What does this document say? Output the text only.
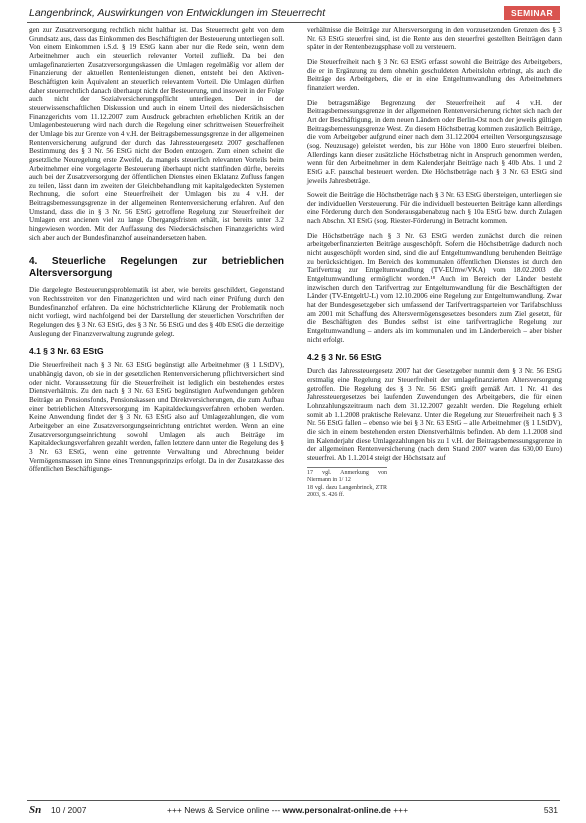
Langenbrinck, Auswirkungen von Entwicklungen im Steuerrecht	SEMINAR

gen zur Zusatzversorgung rechtlich nicht haltbar ist. Das Steuerrecht geht von dem Grundsatz aus, dass das Einkommen des Beschäftigten der Besteuerung unterliegen soll. Von einem Einkommen i.S.d. § 19 EStG kann aber nur die Rede sein, wenn dem Arbeitnehmer auch ein steuerlich relevanter Vorteil zufließt. Da bei den umlagefinanzierten Zusatzversorgungskassen die Umlagen regelmäßig vor allem der Finanzierung der aktuellen Rentenleistungen dienen, entsteht bei den Aktiven-Beschäftigten kein Äquivalent an steuerlich relevantem Vorteil. Die Umlagen dürften daher steuerrechtlich danach überhaupt nicht der Besteuerung, und insoweit in der Folge auch nicht der Sozialversicherungspflicht unterliegen. Der in der steuerwissenschaftlichen Diskussion und auch in einem Urteil des niedersächsischen Finanzgerichts vom 11.12.2007 zum Ausdruck gebrachten erheblichen Kritik an der Umlagenbesteuerung wird nach durch die Regelung einer schrittweisen Steuerfreiheit der Umlage bis zur Grenze von 4 v.H. der Beitragsbemessungsgrenze in der allgemeinen Rentenversicherung aufgrund der durch das Jahressteuergesetz 2007 geschaffenen Bestimmung des § 3 Nr. 56 EStG nicht der Boden entzogen. Zum einen scheint die gesetzliche Neuregelung erste Zweifel, da mangels steuerlich relevanten Vorteils beim Arbeitnehmer eine vorgelagerte Besteuerung überhaupt nicht stattfinden dürfte, bereits auch bei der Zusatzversorgung der öffentlichen Dienstes einen Eklatanz Zufluss fangen zu teilen, lässt dann im zweiten der Gleichbehandlung mit kapitalgedeckten Systemen Rechnung, die sofort eine Steuerfreiheit der Umlagen bis zu 4 v.H. der Beitragsbemessungsgrenze in der allgemeinen Rentenversicherung erfahren. Auf den Umstand, dass die in § 3 Nr. 56 EStG getroffene Regelung zur Steuerfreiheit der Umlagen erst ancienen viel zu lange Übergangsfristen erhält, ist bereits unter 3.2 hingewiesen worden. Mit der Auffassung des Niedersächsischen Finanzgerichts wird sich aber auch der Bundesfinanzhof auseinandersetzen haben.

4. Steuerliche Regelungen zur betrieblichen Altersversorgung

Die dargelegte Besteuerungsproblematik ist aber, wie bereits geschildert, Gegenstand von Rechtsstreiten vor den Finanzgerichten und wird nach einer Prüfung durch den Bundesfinanzhof erfahren. Da eine höchstrichterliche Klärung der Problematik noch nicht vorliegt, wird nachfolgend bei der Darstellung der steuerlichen Vorschriften der Regelungen des § 3 Nr. 63 EStG, des § 3 Nr. 56 EStG und des § 40b EStG die derzeitige Auslegung der Finanzverwaltung zugrunde gelegt.

4.1 § 3 Nr. 63 EStG

Die Steuerfreiheit nach § 3 Nr. 63 EStG begünstigt alle Arbeitnehmer (§ 1 LStDV), unabhängig davon, ob sie in der gesetzlichen Rentenversicherung pflichtversichert sind oder nicht. Voraussetzung für die Steuerfreiheit ist lediglich ein bestehendes erstes Dienstverhältnis. Zu den nach § 3 Nr. 63 EStG begünstigten Aufwendungen gehören Beiträge an Pensionsfonds, Pensionskassen und Direktversicherungen, die zum Aufbau einer betrieblichen Altersversorgung im Kapitaldeckungsverfahren erhoben werden. Keine Anwendung findet der § 3 Nr. 63 EStG also auf Umlagezahlungen, die vom Arbeitgeber an eine Zusatzversorgungseinrichtung entrichtet werden. Wenn an eine Zusatzversorgungseinrichtung sowohl Umlagen als auch Beiträge im Kapitaldeckungsverfahren gezahlt werden, fallen letztere dann unter die Regelung des § 3 Nr. 63 EStG, wenn eine getrennte Verwaltung und Abrechnung beider Vermögensmassen im Sinne eines Trennungsprinzips erfolgt. Da in der Zusatzkasse des öffentlichen Beschäftigungs-

verhältnisse die Beiträge zur Altersversorgung in den vorzusetzenden Grenzen des § 3 Nr. 63 EStG steuerfrei sind, ist die Rente aus den steuerfrei gestellten Beiträgen dann später in der Rentenbezugsphase voll zu versteuern.

Die Steuerfreiheit nach § 3 Nr. 63 EStG erfasst sowohl die Beiträge des Arbeitgebers, die er in Ergänzung zu dem ohnehin geschuldeten Arbeitslohn erbringt, als auch die Beiträge des Arbeitgebers, die er in eine Entgeltumwandlung des Arbeitnehmers finanziert werden.

Die betragsmäßige Begrenzung der Steuerfreiheit auf 4 v.H. der Beitragsbemessungsgrenze in der allgemeinen Rentenversicherung richtet sich nach der Art der Beschäftigung, in dem neuen Ländern oder Berlin-Ost noch der jeweils gültigen Beitragsbemessungsgrenze West. Zu diesem Höchstbetrag kommen zusätzlich Beiträge, die vom Arbeitgeber aufgrund einer nach dem 31.12.2004 erteilten Versorgungszusage (sog. Neuzusage) geleistet werden, bis zur Höhe von 1800 Euro steuerfrei bleiben. Allerdings kann dieser zusätzliche Höchstbetrag nicht in Anspruch genommen werden, wenn für den Arbeitnehmer in dem Kalenderjahr Beiträge nach § 40b Abs. 1 und 2 EStG a.F. pauschal besteuert werden. Die Höchstbeträge nach § 3 Nr. 63 EStG sind jeweils Jahresbeträge.

Soweit die Beiträge die Höchstbeträge nach § 3 Nr. 63 EStG übersteigen, unterliegen sie der individuellen Versteuerung. Für die individuell besteuerten Beiträge kann allerdings eine Förderung durch den Sonderausgabenabzug nach § 10a EStG bzw. durch Zulagen nach Abschn. XI EStG (sog. Riester-Förderung) in Betracht kommen.

Die Höchstbeträge nach § 3 Nr. 63 EStG werden zunächst durch die reinen arbeitgeberfinanzierten Beiträge ausgeschöpft. Sofern die Höchstbeträge dadurch noch nicht ausgeschöpft worden sind, sind die auf Entgeltumwandlung beruhenden Beiträge zu berücksichtigen. Im Bereich des kommunalen öffentlichen Dienstes ist durch den Tarifvertrag zur Entgeltumwandlung (TV-EUmw/VKA) vom 18.02.2003 die Entgeltumwandlung ermöglicht worden.¹⁸ Auch im Bereich der Länder besteht inzwischen durch den Tarifvertrag zur Entgeltumwandlung für die Beschäftigten der Länder (TV-EntgeltU-L) vom 12.10.2006 eine Regelung zur Entgeltumwandlung. Zwar hat der Bundesgesetzgeber sich umfassend der Tarifvertragsparteien vor Tarifabschluss am 2001 mit Schaffung des Altersvermögensgesetzes besonders zum Ziel gesetzt, für die Beschäftigten des Bundes selbst ist eine tarifvertragliche Regelung zur Entgeltumwandlung – anders als im kommunalen und im Länderbereich – aber bisher nicht erfolgt.

4.2 § 3 Nr. 56 EStG

Durch das Jahressteuergesetz 2007 hat der Gesetzgeber nunmit dem § 3 Nr. 56 EStG erstmalig eine Regelung zur Steuerfreiheit der umlagefinanzierten Altersversorgung getroffen. Die Regelung des § 3 Nr. 56 EStG greift gemäß Art. 1 Nr. 41 des Jahressteuergesetzes bei laufenden Zuwendungen des Arbeitgebers, die für einen Lohnzahlungszeitraum nach dem 31.12.2007 gezahlt werden. Die Regelung erhielt somit ab 1.1.2008 praktische Relevanz. Unter die Regelung zur Steuerfreiheit nach § 3 Nr. 56 EStG fallen – ebenso wie bei § 3 Nr. 63 EStG – alle Arbeitnehmer (§ 1 LStDV), die sich in einem bestehenden ersten Dienstverhältnis befinden. Ab dem 1.1.2008 sind im Kalenderjahr diese Umlagezahlungen bis zu 1 v.H. der Beitragsbemessungsgrenze in der allgemeinen Rentenversicherung (nach dem Stand 2007 waren das 630,00 Euro) steuerfrei. Ab 1.1.2014 steigt der Höchstsatz auf

17 vgl. Anmerkung von Niermann in 1/ 12
18 vgl. dazu Langenbrinck, ZTR 2003, S. 426 ff.
Sn 10 / 2007	+++ News & Service online --- www.personalrat-online.de +++	531
